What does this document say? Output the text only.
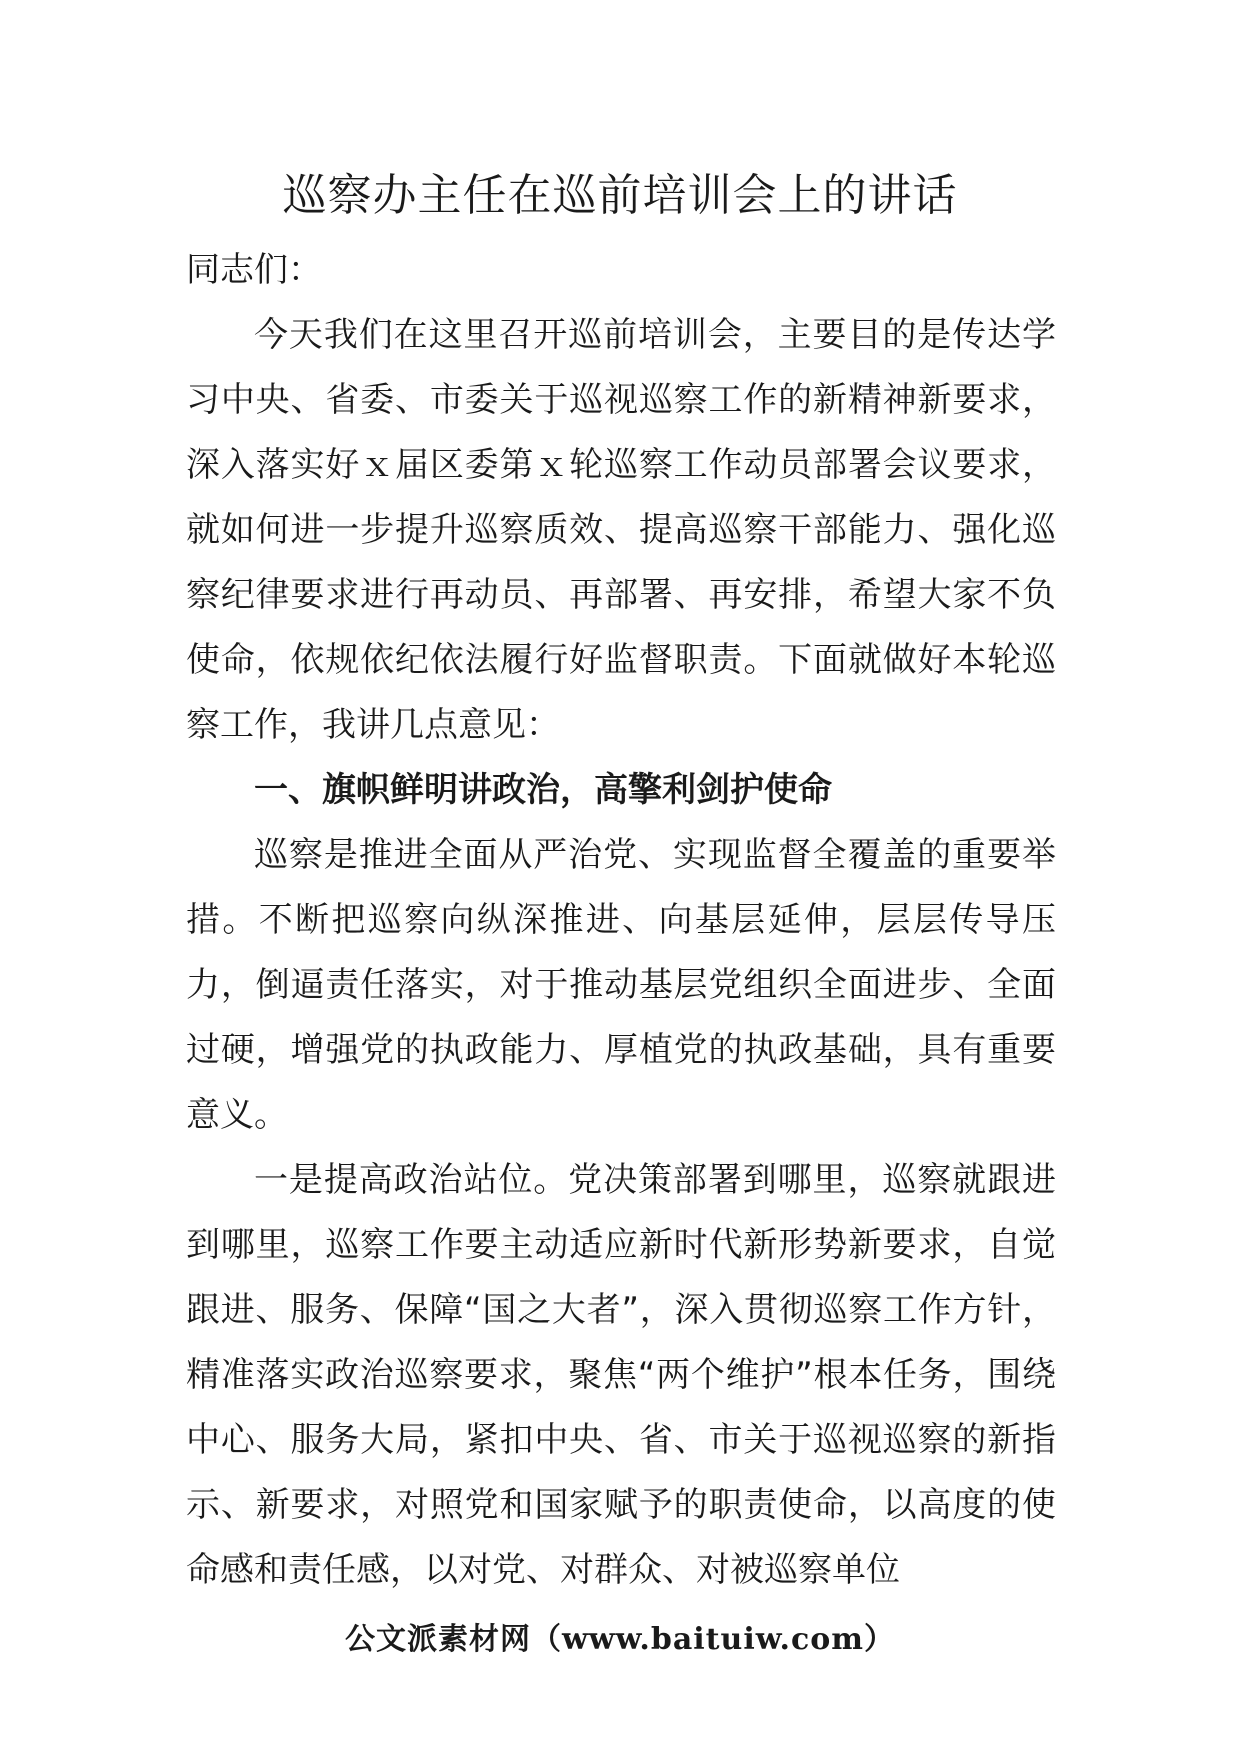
巡察办主任在巡前培训会上的讲话

同志们：

今天我们在这里召开巡前培训会，主要目的是传达学习中央、省委、市委关于巡视巡察工作的新精神新要求，深入落实好ｘ届区委第ｘ轮巡察工作动员部署会议要求，就如何进一步提升巡察质效、提高巡察干部能力、强化巡察纪律要求进行再动员、再部署、再安排，希望大家不负使命，依规依纪依法履行好监督职责。下面就做好本轮巡察工作，我讲几点意见：

一、旗帜鲜明讲政治，高擎利剑护使命

巡察是推进全面从严治党、实现监督全覆盖的重要举措。不断把巡察向纵深推进、向基层延伸，层层传导压力，倒逼责任落实，对于推动基层党组织全面进步、全面过硬，增强党的执政能力、厚植党的执政基础，具有重要意义。

一是提高政治站位。党决策部署到哪里，巡察就跟进到哪里，巡察工作要主动适应新时代新形势新要求，自觉跟进、服务、保障“国之大者”，深入贯彻巡察工作方针，精准落实政治巡察要求，聚焦“两个维护”根本任务，围绕中心、服务大局，紧扣中央、省、市关于巡视巡察的新指示、新要求，对照党和国家赋予的职责使命，以高度的使命感和责任感，以对党、对群众、对被巡察单位

公文派素材网（www.baituiw.com）
